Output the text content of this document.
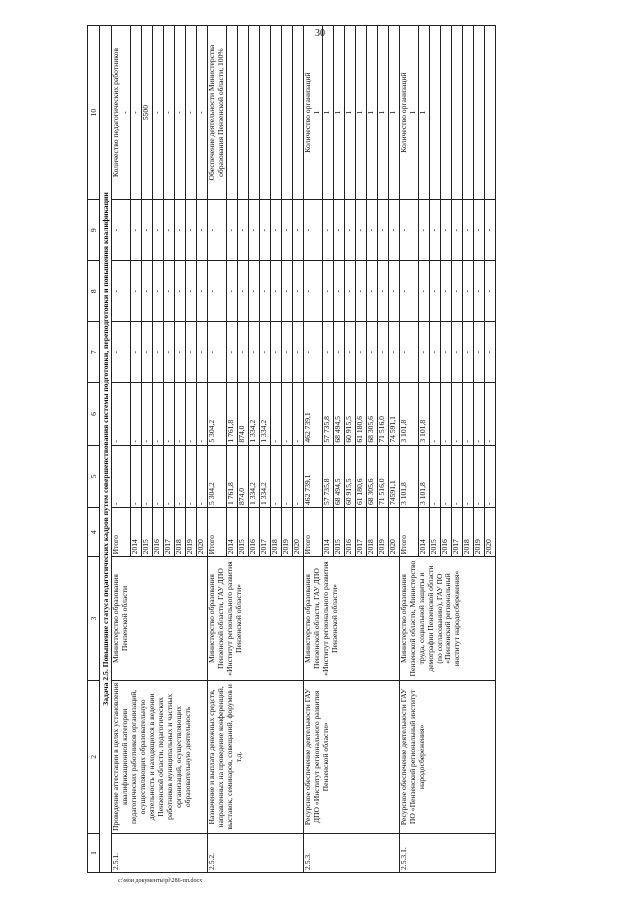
30
1	2	3	4	5	6	7	8	9	10
Задача 2.5. Повышение статуса педагогических кадров путем совершенствования системы подготовки, переподготовки и повышения квалификации									
2.5.1.	Проведение аттестации в целях установления квалификационной категории педагогических работников организаций, осуществляющих образовательную деятельность и находящихся в ведении Пензенской области, педагогических работников муниципальных и частных организаций, осуществляющих образовательную деятельность	Министерство образования Пензенской области	Итого	-	-	-	-	-	Количество педагогических работников -

			2014	-	-	-	-	-	-
			2015	-	-	-	-	-	5500
			2016	-	-	-	-	-	-
			2017	-	-	-	-	-	-
			2018	-	-	-	-	-	-
			2019	-	-	-	-	-	-
			2020	-	-	-	-	-	-
2.5.2.	Назначение и выплата денежных средств, направленных на проведение конференций, выставок, семинаров, совещаний, форумов и т.д.	Министерство образования Пензенской области, ГАУ ДПО «Институт регионального развития Пензенской области»	Итого	5 304,2	5 304,2	-	-	-	Обеспечение деятельности Министерства образования Пензенской области, 100%
			2014	1 761,8	1 761,8	-	-	-	
			2015	874,0	874,0	-	-	-	
			2016	1 334,2	1 334,2	-	-	-	
			2017	1 334,2	1 334,2	-	-	-	
			2018	-	-	-	-	-	
			2019	-	-	-	-	-	
			2020	-	-	-	-	-	
2.5.3.	Ресурсное обеспечение деятельности ГАУ ДПО «Институт регионального развития Пензенской области»	Министерство образования Пензенской области, ГАУ ДПО «Институт регионального развития Пензенской области»	Итого	462 739,1	462 739,1	-	-	-	Количество организаций 1

			2014	57 735,8	57 735,8	-	-	-	1
			2015	68 494,5	68 494,5	-	-	-	1
			2016	60 915,5	60 915,5	-	-	-	1
			2017	61 180,6	61 180,6	-	-	-	1
			2018	68 305,6	68 305,6	-	-	-	1
			2019	71 516,0	71 516,0	-	-	-	1
			2020	74591,1	74 591,1	-	-	-	1
2.5.3.1.	Ресурсное обеспечение деятельности ГАУ ПО «Пензенский региональный институт народосбережения»	Министерство образования Пензенской области, Министерство труда, социальной защиты и демографии Пензенской области (по согласованию), ГАУ ПО «Пензенский региональный институт народосбережения»	Итого	3 101,8	3 101,8	-	-	-	Количество организаций 1

			2014	3 101,8	3 101,8	-	-	-	1
			2015	-	-	-	-	-	
			2016	-	-	-	-	-	
			2017	-	-	-	-	-	
			2018	-	-	-	-	-	
			2019	-	-	-	-	-	
			2020	-	-	-	-	-	
c:\мои документы\pl\286-пп.docx
